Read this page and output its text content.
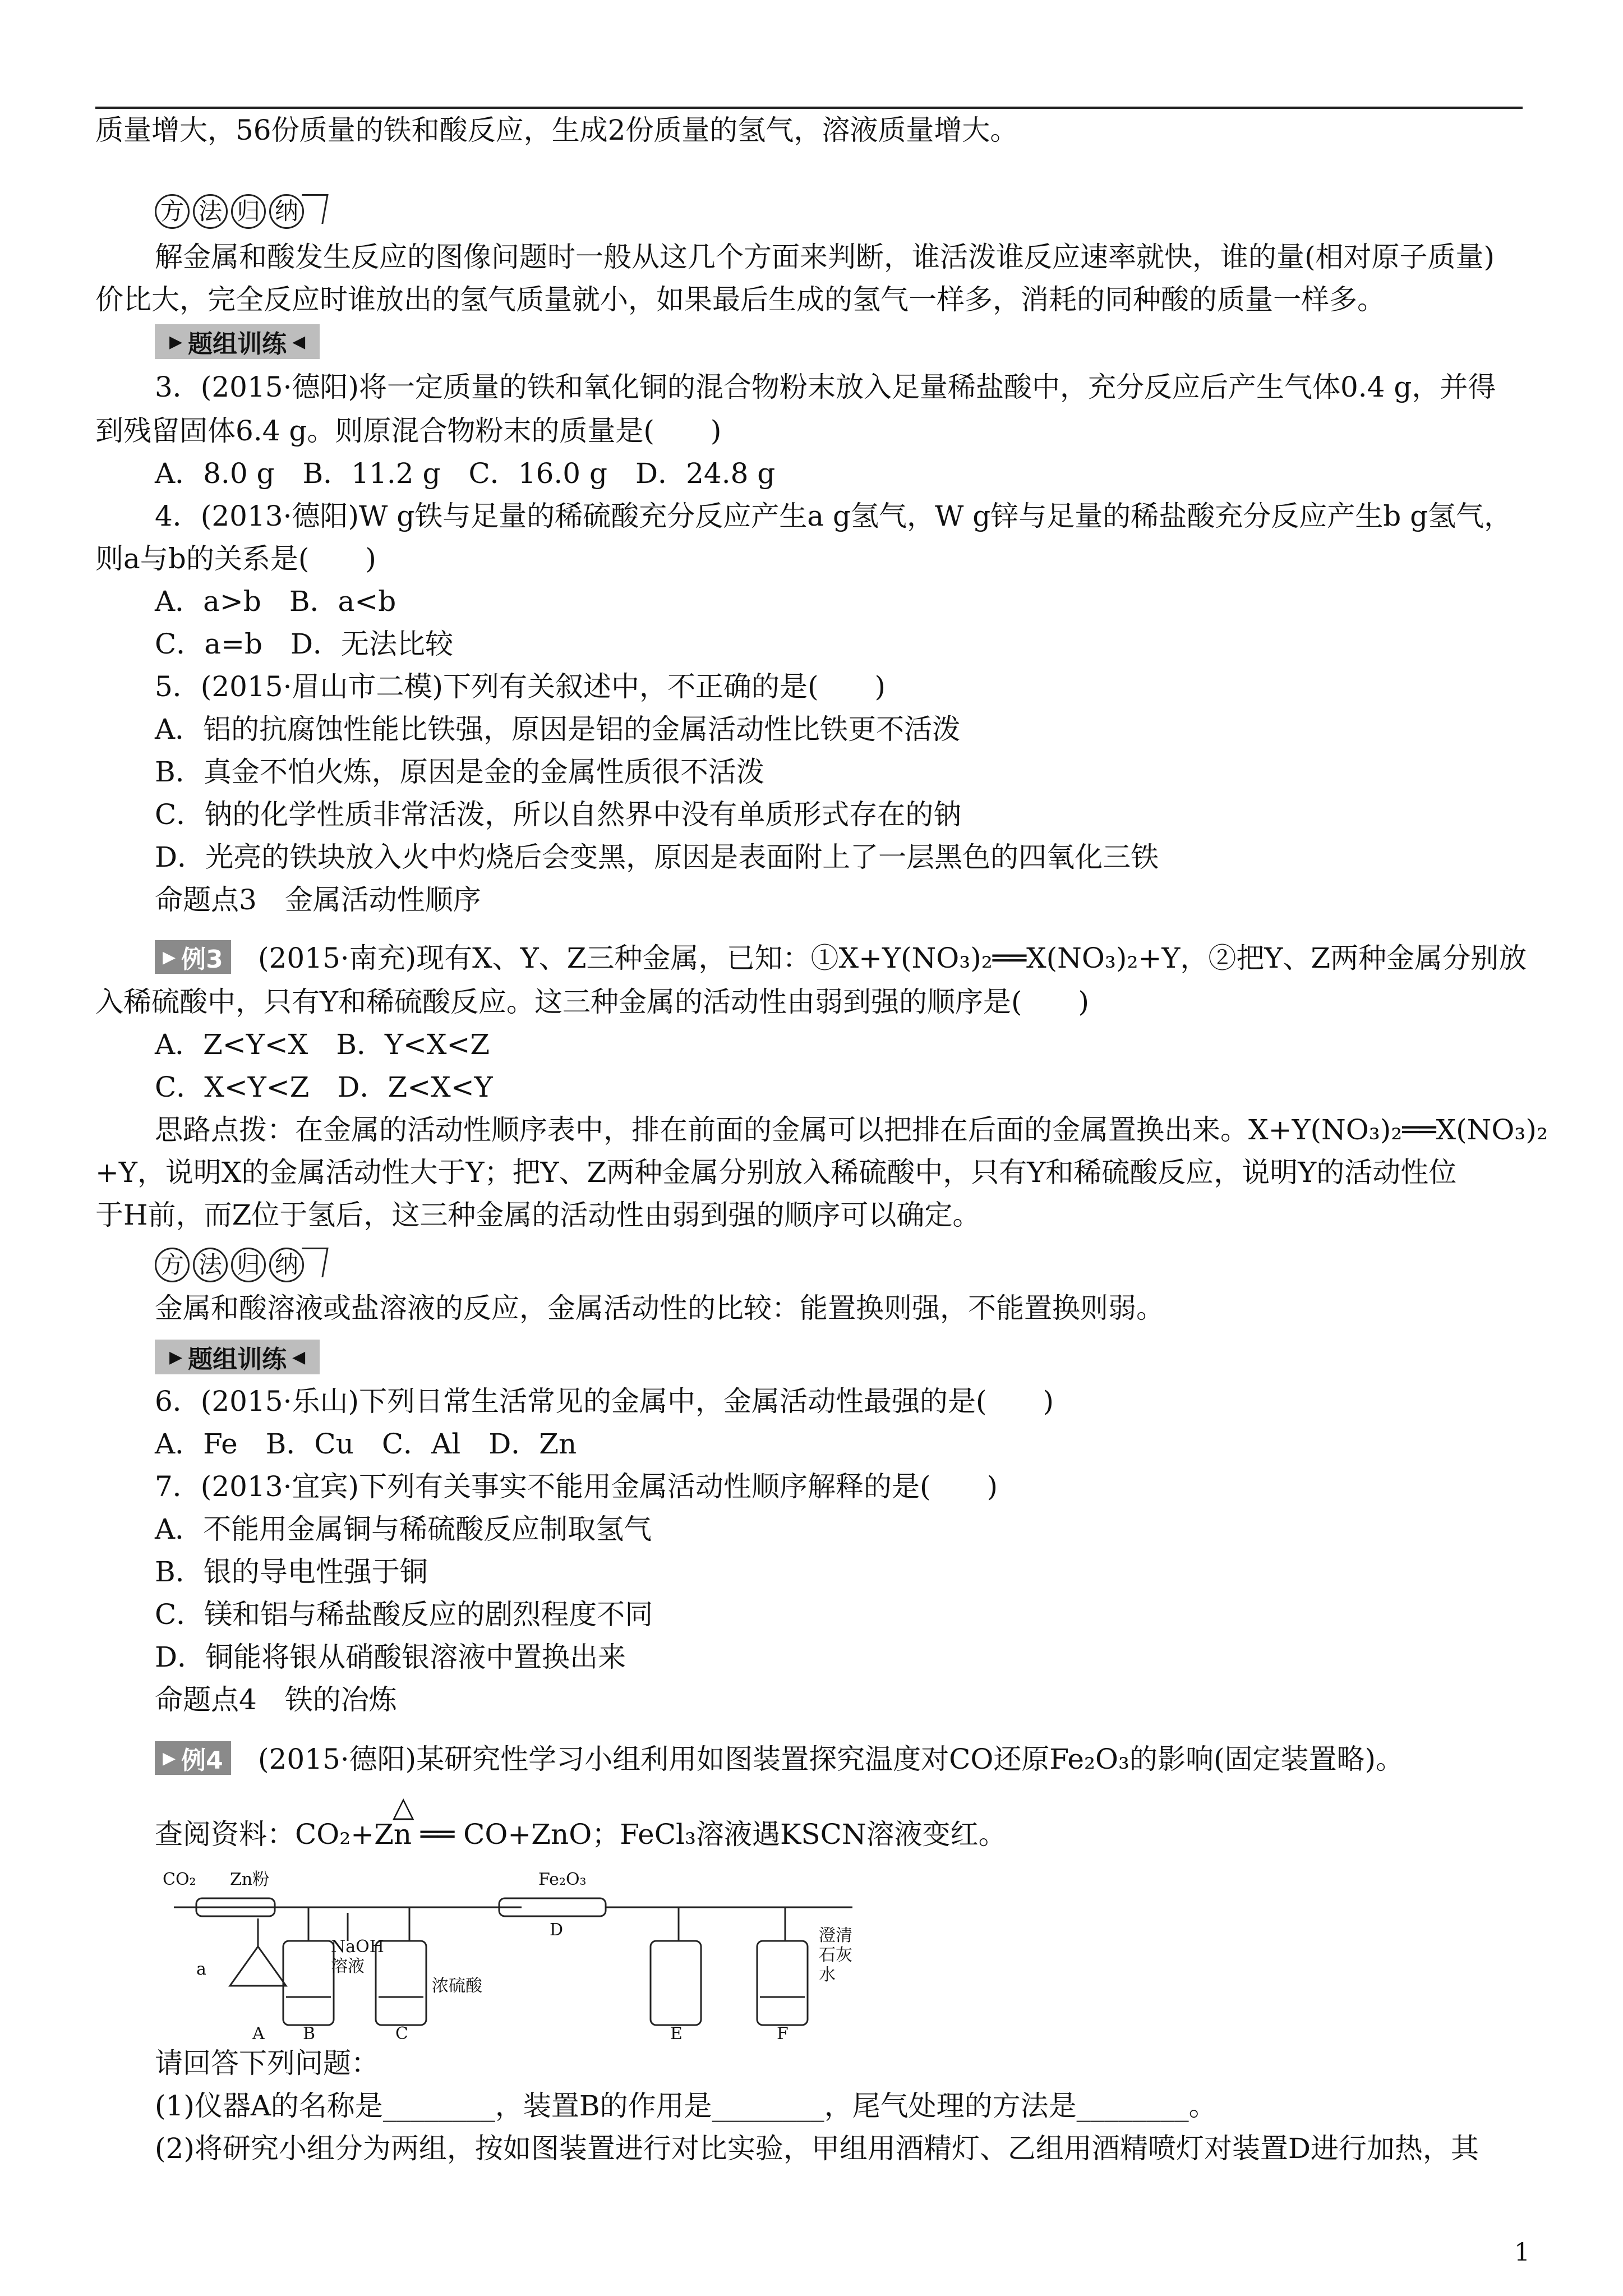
质量增大，56份质量的铁和酸反应，生成2份质量的氢气，溶液质量增大。
方 法 归 纳
解金属和酸发生反应的图像问题时一般从这几个方面来判断，谁活泼谁反应速率就快，谁的量(相对原子质量)
价比大，完全反应时谁放出的氢气质量就小，如果最后生成的氢气一样多，消耗的同种酸的质量一样多。
▶ 题组训练 ◀
3．(2015·德阳)将一定质量的铁和氧化铜的混合物粉末放入足量稀盐酸中，充分反应后产生气体0.4 g，并得
到残留固体6.4 g。则原混合物粉末的质量是(　　)
A．8.0 g　B．11.2 g　C．16.0 g　D．24.8 g
4．(2013·德阳)W g铁与足量的稀硫酸充分反应产生a g氢气，W g锌与足量的稀盐酸充分反应产生b g氢气，
则a与b的关系是(　　)
A．a>b　B．a<b
C．a=b　D．无法比较
5．(2015·眉山市二模)下列有关叙述中，不正确的是(　　)
A．铝的抗腐蚀性能比铁强，原因是铝的金属活动性比铁更不活泼
B．真金不怕火炼，原因是金的金属性质很不活泼
C．钠的化学性质非常活泼，所以自然界中没有单质形式存在的钠
D．光亮的铁块放入火中灼烧后会变黑，原因是表面附上了一层黑色的四氧化三铁
命题点3　金属活动性顺序
▶ 例3 (2015·南充)现有X、Y、Z三种金属，已知：①X+Y(NO₃)₂══X(NO₃)₂+Y，②把Y、Z两种金属分别放
入稀硫酸中，只有Y和稀硫酸反应。这三种金属的活动性由弱到强的顺序是(　　)
A．Z<Y<X　B．Y<X<Z
C．X<Y<Z　D．Z<X<Y
思路点拨：在金属的活动性顺序表中，排在前面的金属可以把排在后面的金属置换出来。X+Y(NO₃)₂══X(NO₃)₂
+Y，说明X的金属活动性大于Y；把Y、Z两种金属分别放入稀硫酸中，只有Y和稀硫酸反应，说明Y的活动性位
于H前，而Z位于氢后，这三种金属的活动性由弱到强的顺序可以确定。
方 法 归 纳
金属和酸溶液或盐溶液的反应，金属活动性的比较：能置换则强，不能置换则弱。
▶ 题组训练 ◀
6．(2015·乐山)下列日常生活常见的金属中，金属活动性最强的是(　　)
A．Fe　B．Cu　C．Al　D．Zn
7．(2013·宜宾)下列有关事实不能用金属活动性顺序解释的是(　　)
A．不能用金属铜与稀硫酸反应制取氢气
B．银的导电性强于铜
C．镁和铝与稀盐酸反应的剧烈程度不同
D．铜能将银从硝酸银溶液中置换出来
命题点4　铁的冶炼
▶ 例4 (2015·德阳)某研究性学习小组利用如图装置探究温度对CO还原Fe₂O₃的影响(固定装置略)。
△
查阅资料：CO₂+Zn ══ CO+ZnO；FeCl₃溶液遇KSCN溶液变红。
CO₂ Zn粉	Fe₂O₃
a
NaOH
溶液
浓硫酸
澄清
石灰
水
A B	C
D
E	F
请回答下列问题：
(1)仪器A的名称是________，装置B的作用是________，尾气处理的方法是________。
(2)将研究小组分为两组，按如图装置进行对比实验，甲组用酒精灯、乙组用酒精喷灯对装置D进行加热，其
1
